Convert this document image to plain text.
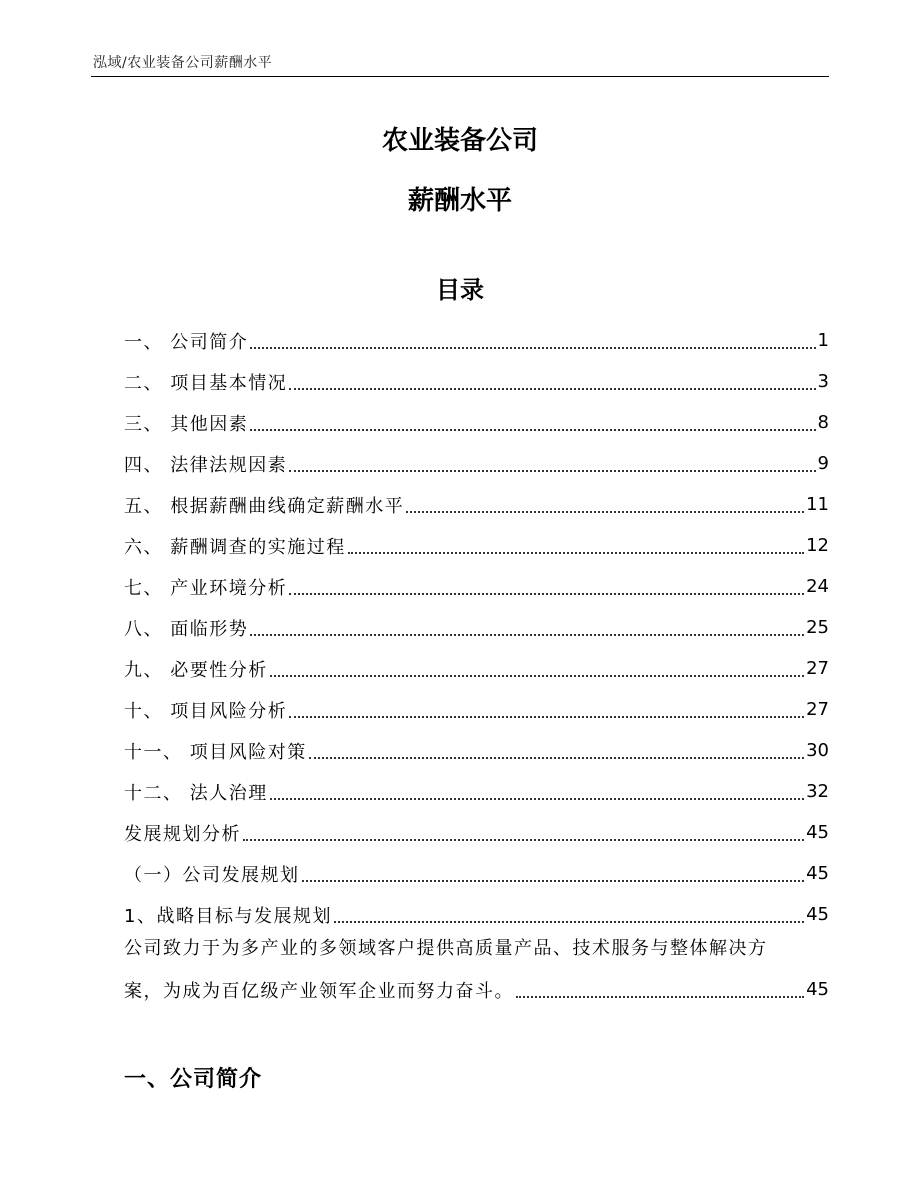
泓域/农业装备公司薪酬水平
农业装备公司
薪酬水平
目录
一、 公司简介	1
二、 项目基本情况	3
三、 其他因素	8
四、 法律法规因素	9
五、 根据薪酬曲线确定薪酬水平	11
六、 薪酬调查的实施过程	12
七、 产业环境分析	24
八、 面临形势	25
九、 必要性分析	27
十、 项目风险分析	27
十一、 项目风险对策	30
十二、 法人治理	32
发展规划分析	45
（一）公司发展规划	45
1、战略目标与发展规划	45
公司致力于为多产业的多领域客户提供高质量产品、技术服务与整体解决方
案，为成为百亿级产业领军企业而努力奋斗。	45
一、公司简介
